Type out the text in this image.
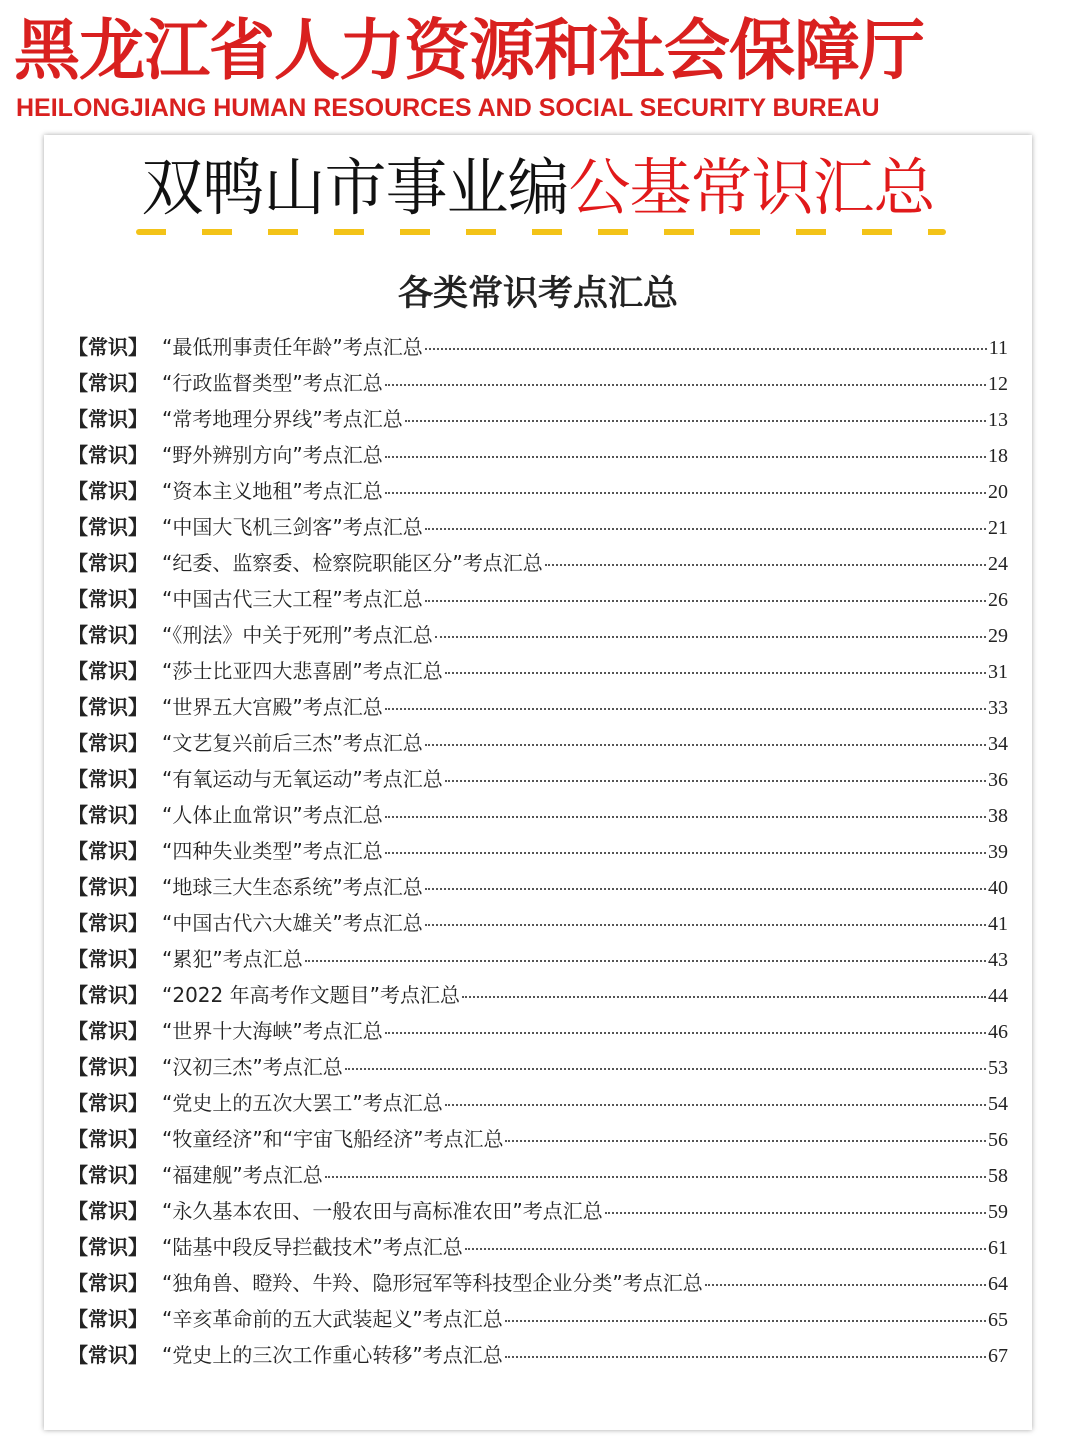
黑龙江省人力资源和社会保障厅
HEILONGJIANG HUMAN RESOURCES AND SOCIAL SECURITY BUREAU
双鸭山市事业编公基常识汇总
各类常识考点汇总
【常识】 “最低刑事责任年龄”考点汇总	11
【常识】 “行政监督类型”考点汇总	12
【常识】 “常考地理分界线”考点汇总	13
【常识】 “野外辨别方向”考点汇总	18
【常识】 “资本主义地租”考点汇总	20
【常识】 “中国大飞机三剑客”考点汇总	21
【常识】 “纪委、监察委、检察院职能区分”考点汇总	24
【常识】 “中国古代三大工程”考点汇总	26
【常识】 “《刑法》中关于死刑”考点汇总	29
【常识】 “莎士比亚四大悲喜剧”考点汇总	31
【常识】 “世界五大宫殿”考点汇总	33
【常识】 “文艺复兴前后三杰”考点汇总	34
【常识】 “有氧运动与无氧运动”考点汇总	36
【常识】 “人体止血常识”考点汇总	38
【常识】 “四种失业类型”考点汇总	39
【常识】 “地球三大生态系统”考点汇总	40
【常识】 “中国古代六大雄关”考点汇总	41
【常识】 “累犯”考点汇总	43
【常识】 “2022 年高考作文题目”考点汇总	44
【常识】 “世界十大海峡”考点汇总	46
【常识】 “汉初三杰”考点汇总	53
【常识】 “党史上的五次大罢工”考点汇总	54
【常识】 “牧童经济”和“宇宙飞船经济”考点汇总	56
【常识】 “福建舰”考点汇总	58
【常识】 “永久基本农田、一般农田与高标准农田”考点汇总	59
【常识】 “陆基中段反导拦截技术”考点汇总	61
【常识】 “独角兽、瞪羚、牛羚、隐形冠军等科技型企业分类”考点汇总	64
【常识】 “辛亥革命前的五大武装起义”考点汇总	65
【常识】 “党史上的三次工作重心转移”考点汇总	67
